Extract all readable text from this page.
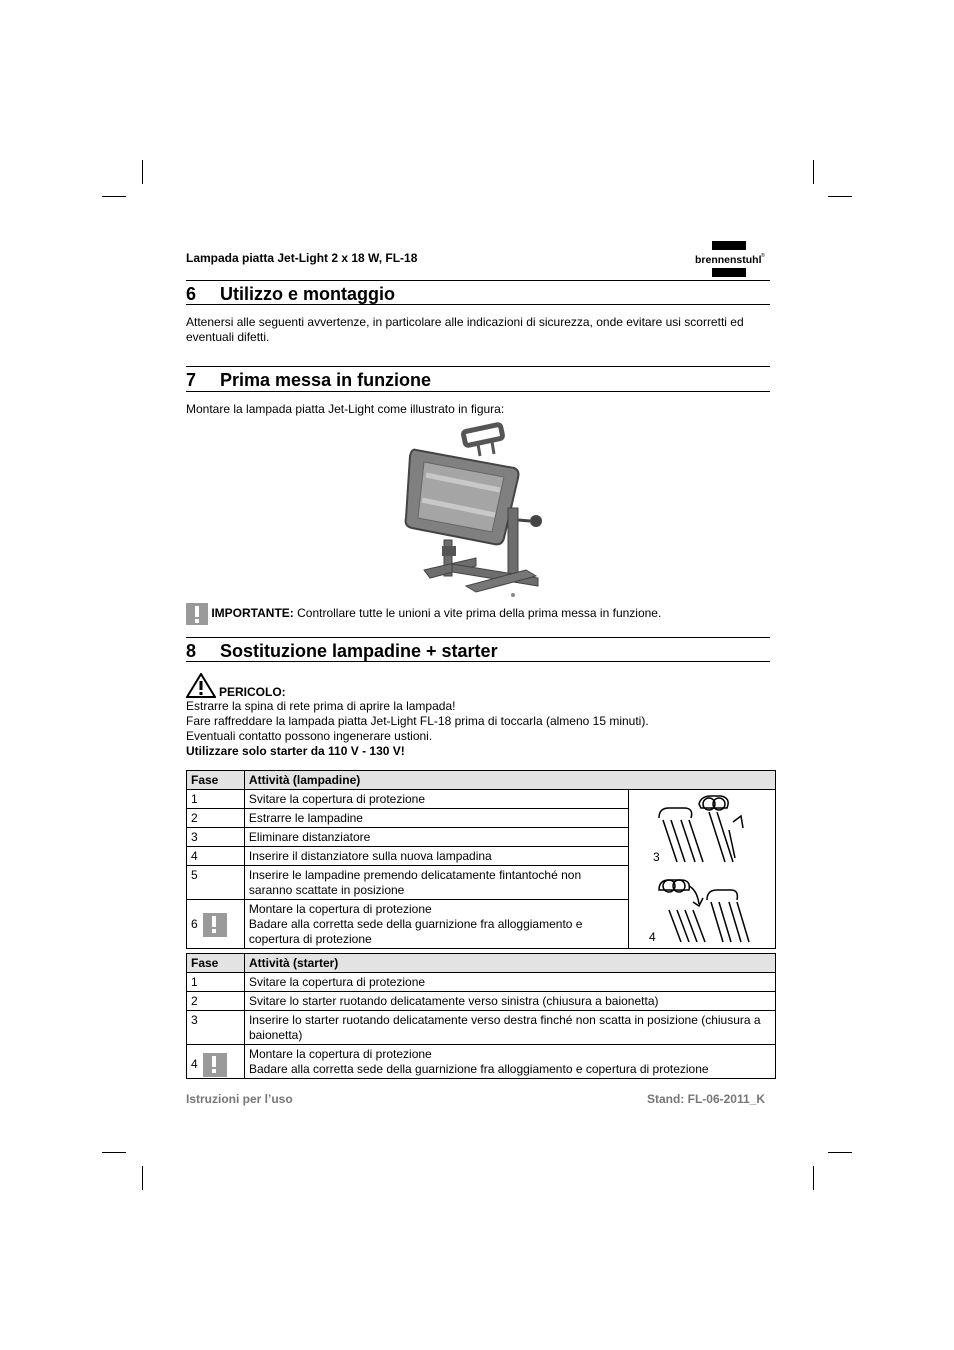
Lampada piatta Jet-Light 2 x 18 W, FL-18	brennenstuhl ®
6 Utilizzo e montaggio
Attenersi alle seguenti avvertenze, in particolare alle indicazioni di sicurezza, onde evitare usi scorretti ed eventuali difetti.
7 Prima messa in funzione
Montare la lampada piatta Jet-Light come illustrato in figura:
IMPORTANTE: Controllare tutte le unioni a vite prima della prima messa in funzione.
8 Sostituzione lampadine + starter
PERICOLO:
Estrarre la spina di rete prima di aprire la lampada!
Fare raffreddare la lampada piatta Jet-Light FL-18 prima di toccarla (almeno 15 minuti).
Eventuali contatto possono ingenerare ustioni.
Utilizzare solo starter da 110 V - 130 V!
Fase	Attività (lampadine)	
1	Svitare la copertura di protezione	3
4

2	Estrarre le lampadine	
3	Eliminare distanziatore	
4	Inserire il distanziatore sulla nuova lampadina	
5	Inserire le lampadine premendo delicatamente fintantoché non saranno scattate in posizione	
6	Montare la copertura di protezione
Badare alla corretta sede della guarnizione fra alloggiamento e copertura di protezione	
Fase	Attività (starter)
1	Svitare la copertura di protezione
2	Svitare lo starter ruotando delicatamente verso sinistra (chiusura a baionetta)
3	Inserire lo starter ruotando delicatamente verso destra finché non scatta in posizione (chiusura a baionetta)
4	Montare la copertura di protezione
Badare alla corretta sede della guarnizione fra alloggiamento e copertura di protezione
Istruzioni per l’uso	Stand: FL-06-2011_K
